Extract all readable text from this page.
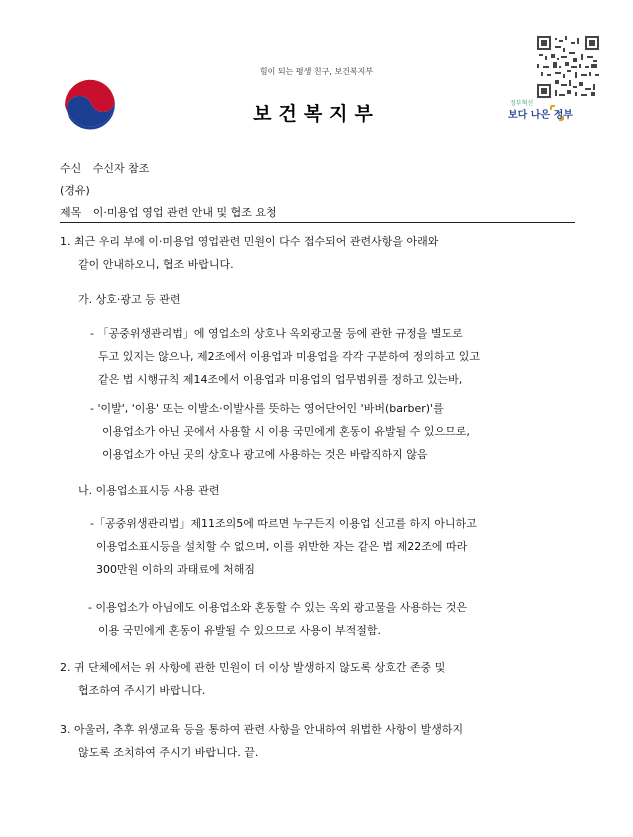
힘이 되는 평생 친구, 보건복지부
보건복지부	정부혁신
보다 나은 정부
수신 수신자 참조
(경유)
제목 이·미용업 영업 관련 안내 및 협조 요청
1. 최근 우리 부에 이·미용업 영업관련 민원이 다수 접수되어 관련사항을 아래와
같이 안내하오니, 협조 바랍니다.
가. 상호·광고 등 관련
- 「공중위생관리법」에 영업소의 상호나 옥외광고물 등에 관한 규정을 별도로
두고 있지는 않으나, 제2조에서 이용업과 미용업을 각각 구분하여 정의하고 있고
같은 법 시행규칙 제14조에서 이용업과 미용업의 업무범위를 정하고 있는바,
- '이발', '이용' 또는 이발소·이발사를 뜻하는 영어단어인 '바버(barber)'를
이용업소가 아닌 곳에서 사용할 시 이용 국민에게 혼동이 유발될 수 있으므로,
이용업소가 아닌 곳의 상호나 광고에 사용하는 것은 바람직하지 않음
나. 이용업소표시등 사용 관련
-「공중위생관리법」제11조의5에 따르면 누구든지 이용업 신고를 하지 아니하고
이용업소표시등을 설치할 수 없으며, 이를 위반한 자는 같은 법 제22조에 따라
300만원 이하의 과태료에 처해짐
- 이용업소가 아님에도 이용업소와 혼동할 수 있는 옥외 광고물을 사용하는 것은
이용 국민에게 혼동이 유발될 수 있으므로 사용이 부적절함.
2. 귀 단체에서는 위 사항에 관한 민원이 더 이상 발생하지 않도록 상호간 존중 및
협조하여 주시기 바랍니다.
3. 아울러, 추후 위생교육 등을 통하여 관련 사항을 안내하여 위법한 사항이 발생하지
않도록 조치하여 주시기 바랍니다. 끝.
